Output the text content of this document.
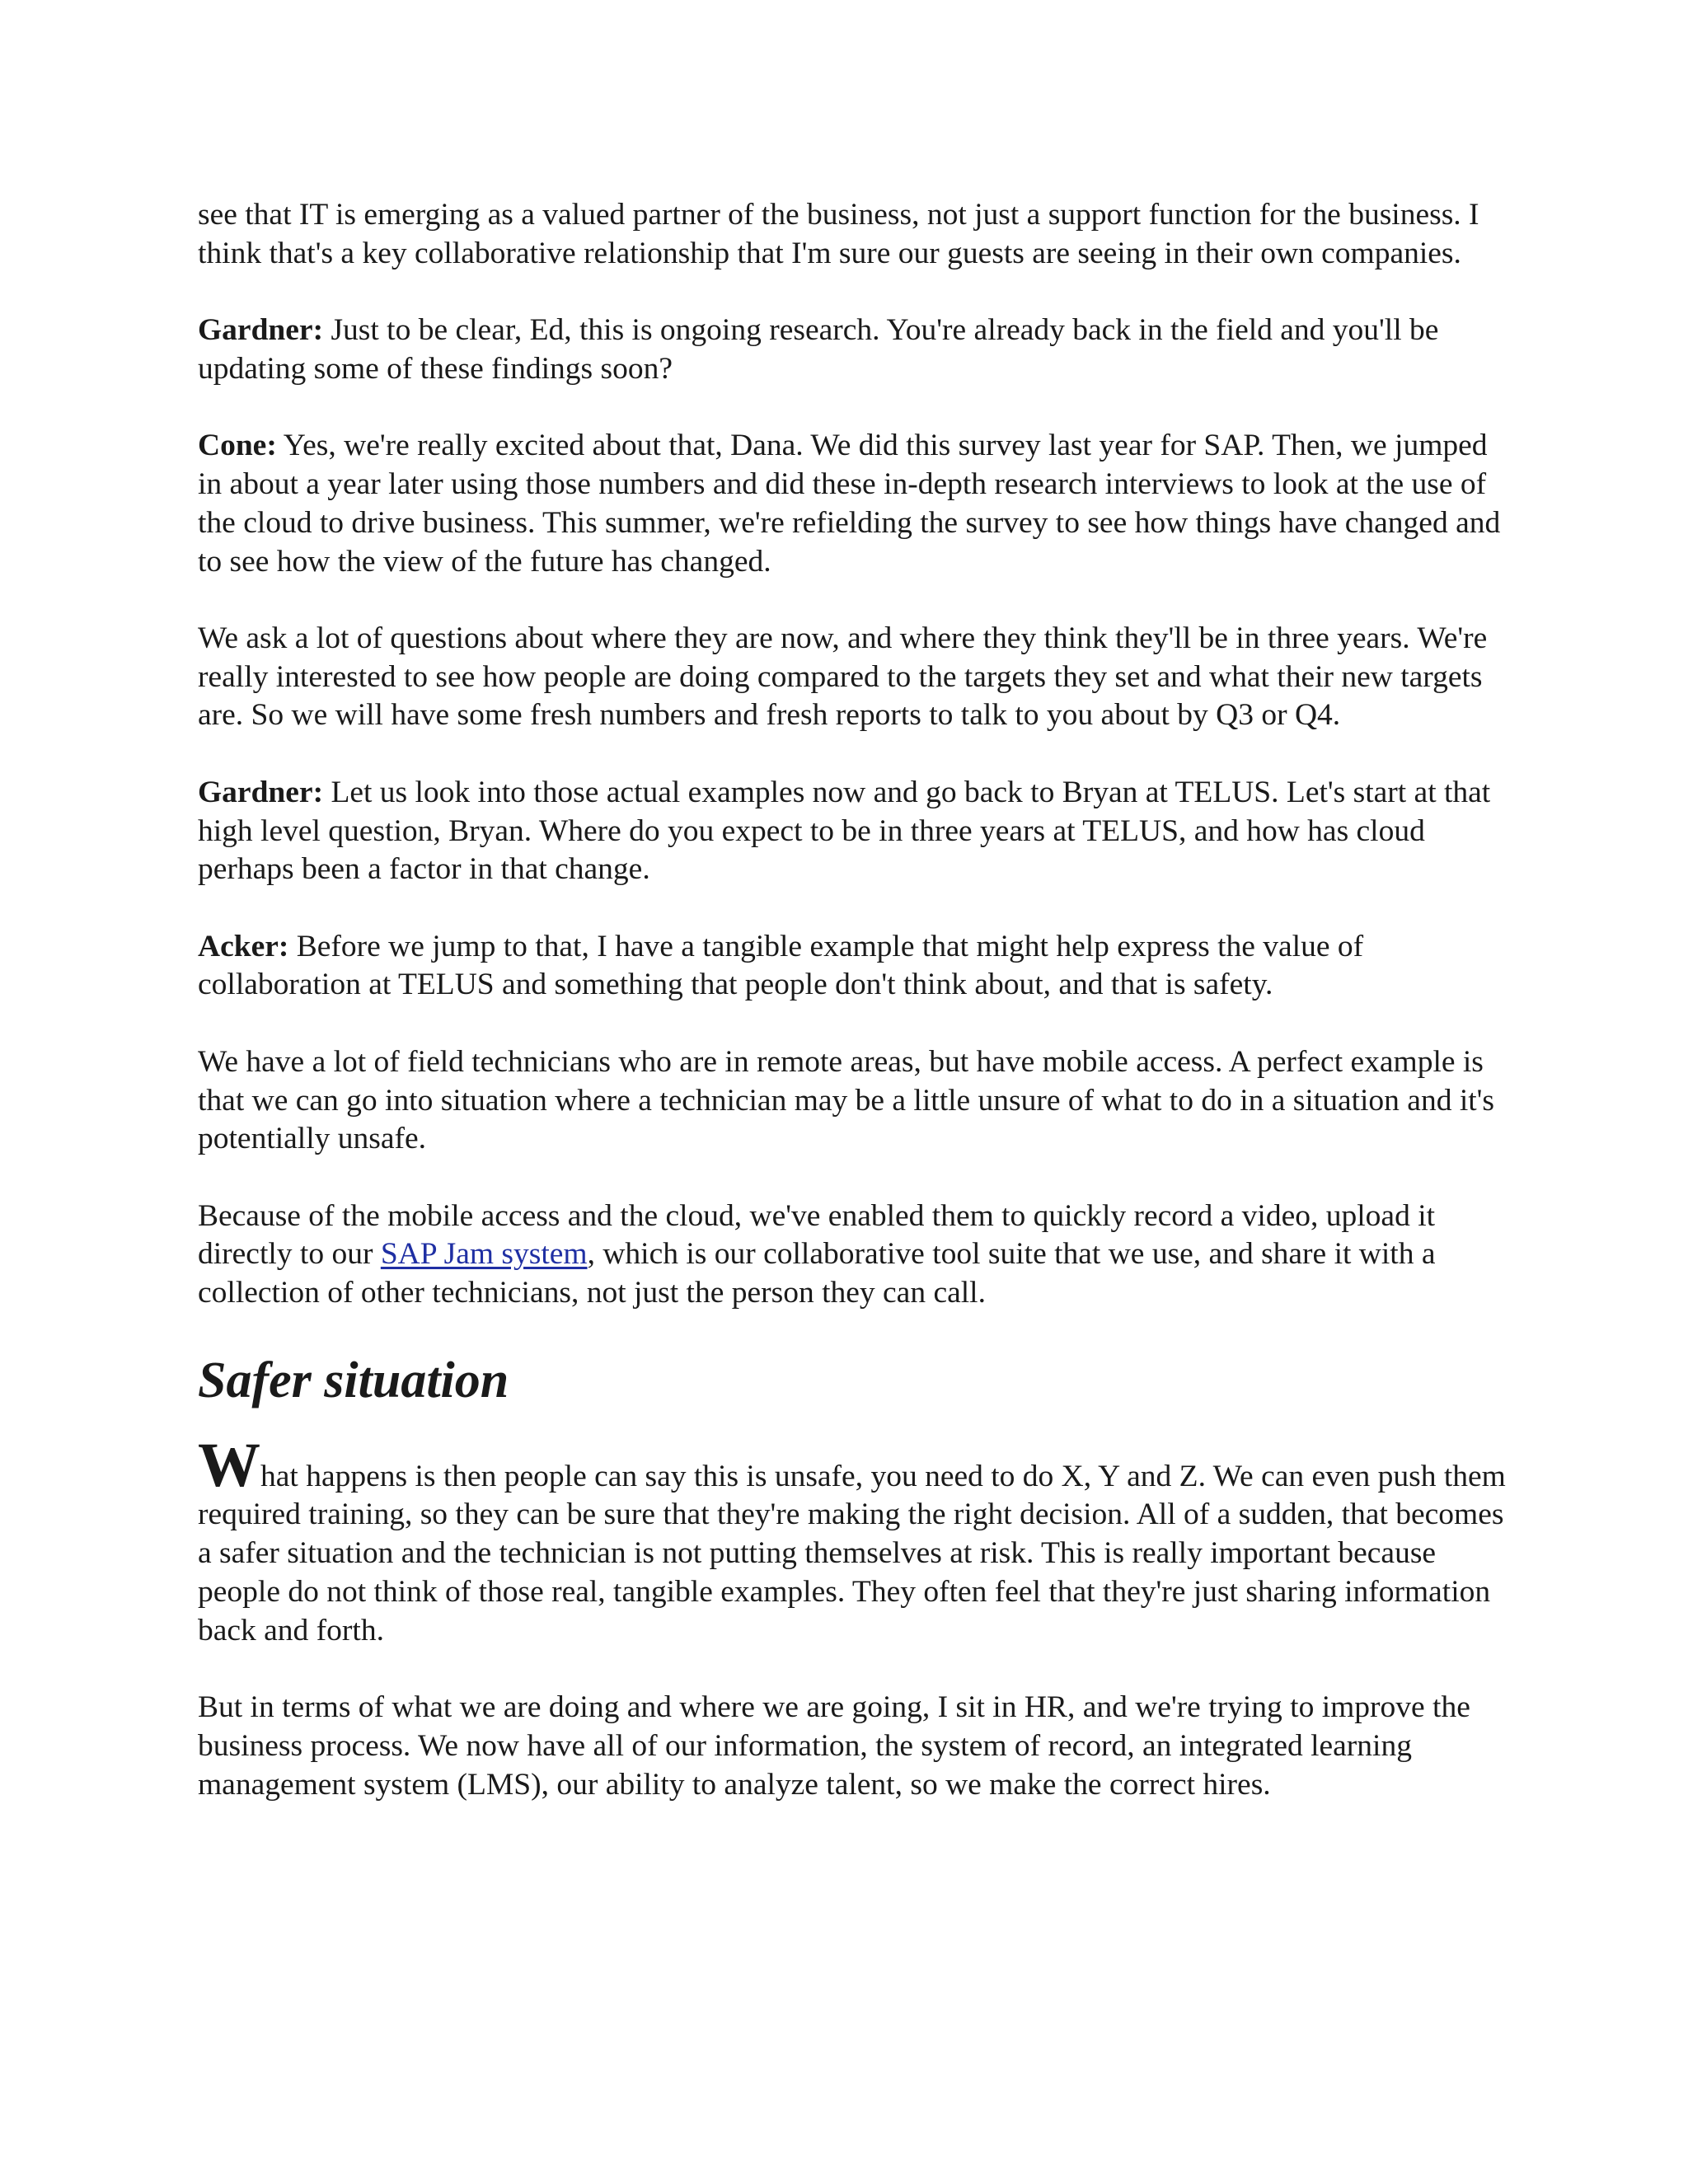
see that IT is emerging as a valued partner of the business, not just a support function for the business. I think that's a key collaborative relationship that I'm sure our guests are seeing in their own companies.

Gardner: Just to be clear, Ed, this is ongoing research. You're already back in the field and you'll be updating some of these findings soon?

Cone: Yes, we're really excited about that, Dana. We did this survey last year for SAP. Then, we jumped in about a year later using those numbers and did these in-depth research interviews to look at the use of the cloud to drive business. This summer, we're refielding the survey to see how things have changed and to see how the view of the future has changed.

We ask a lot of questions about where they are now, and where they think they'll be in three years. We're really interested to see how people are doing compared to the targets they set and what their new targets are. So we will have some fresh numbers and fresh reports to talk to you about by Q3 or Q4.

Gardner: Let us look into those actual examples now and go back to Bryan at TELUS. Let's start at that high level question, Bryan. Where do you expect to be in three years at TELUS, and how has cloud perhaps been a factor in that change.

Acker: Before we jump to that, I have a tangible example that might help express the value of collaboration at TELUS and something that people don't think about, and that is safety.

We have a lot of field technicians who are in remote areas, but have mobile access. A perfect example is that we can go into situation where a technician may be a little unsure of what to do in a situation and it's potentially unsafe.

Because of the mobile access and the cloud, we've enabled them to quickly record a video, upload it directly to our SAP Jam system, which is our collaborative tool suite that we use, and share it with a collection of other technicians, not just the person they can call.

Safer situation

What happens is then people can say this is unsafe, you need to do X, Y and Z. We can even push them required training, so they can be sure that they're making the right decision. All of a sudden, that becomes a safer situation and the technician is not putting themselves at risk. This is really important because people do not think of those real, tangible examples. They often feel that they're just sharing information back and forth.

But in terms of what we are doing and where we are going, I sit in HR, and we're trying to improve the business process. We now have all of our information, the system of record, an integrated learning management system (LMS), our ability to analyze talent, so we make the correct hires.
